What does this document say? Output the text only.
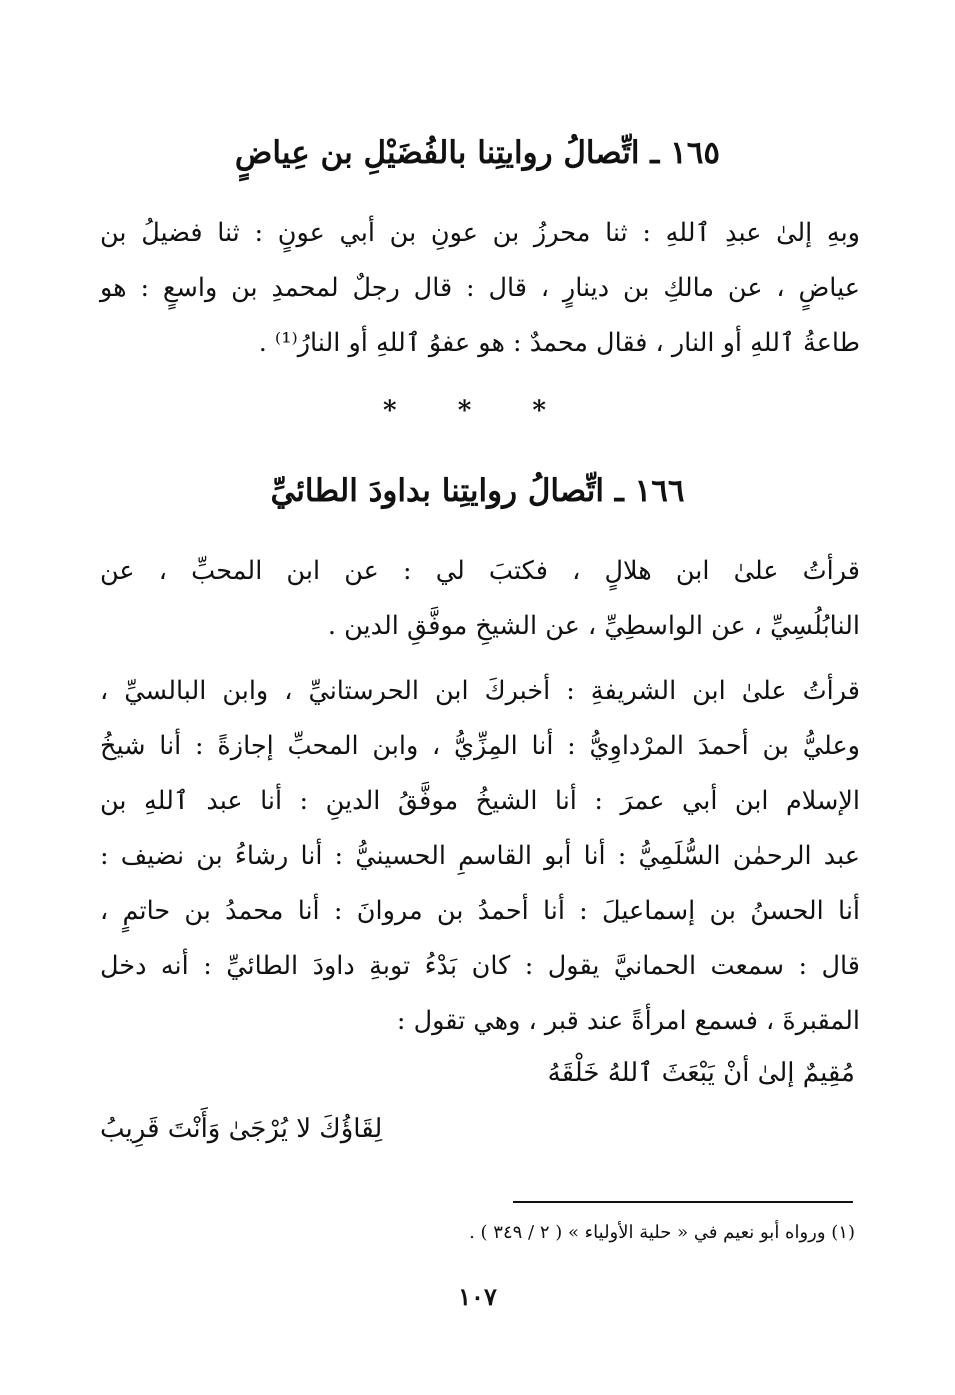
١٦٥ ـ اتِّصالُ روايتِنا بالفُضَيْلِ بن عِياضٍ
وبهِ إلىٰ عبدِ ٱللهِ : ثنا محرزُ بن عونِ بن أبي عونٍ : ثنا فضيلُ بن
عياضٍ ، عن مالكِ بن دينارٍ ، قال : قال رجلٌ لمحمدِ بن واسعٍ : هو
طاعةُ ٱللهِ أو النار ، فقال محمدٌ : هو عفوُ ٱللهِ أو النارُ⁽¹⁾ .
* * *
١٦٦ ـ اتِّصالُ روايتِنا بداودَ الطائيِّ
قرأتُ علىٰ ابن هلالٍ ، فكتبَ لي : عن ابن المحبِّ ، عن
النابُلُسِيِّ ، عن الواسطِيِّ ، عن الشيخِ موفَّقِ الدين .
قرأتُ علىٰ ابن الشريفةِ : أخبركَ ابن الحرستانيِّ ، وابن البالسيِّ ،
وعليُّ بن أحمدَ المرْداوِيُّ : أنا المِزِّيُّ ، وابن المحبِّ إجازةً : أنا شيخُ
الإسلام ابن أبي عمرَ : أنا الشيخُ موفَّقُ الدينِ : أنا عبد ٱللهِ بن
عبد الرحمٰن السُّلَمِيُّ : أنا أبو القاسمِ الحسينيُّ : أنا رشاءُ بن نضيف :
أنا الحسنُ بن إسماعيلَ : أنا أحمدُ بن مروانَ : أنا محمدُ بن حاتمٍ ،
قال : سمعت الحمانيَّ يقول : كان بَدْءُ توبةِ داودَ الطائيِّ : أنه دخل
المقبرةَ ، فسمع امرأةً عند قبر ، وهي تقول :
مُقِيمٌ إلىٰ أنْ يَبْعَثَ ٱللهُ خَلْقَهُ
لِقَاؤُكَ لا يُرْجَىٰ وَأَنْتَ قَرِيبُ
(١) ورواه أبو نعيم في « حلية الأولياء » ( ٢ / ٣٤٩ ) .
١٠٧
